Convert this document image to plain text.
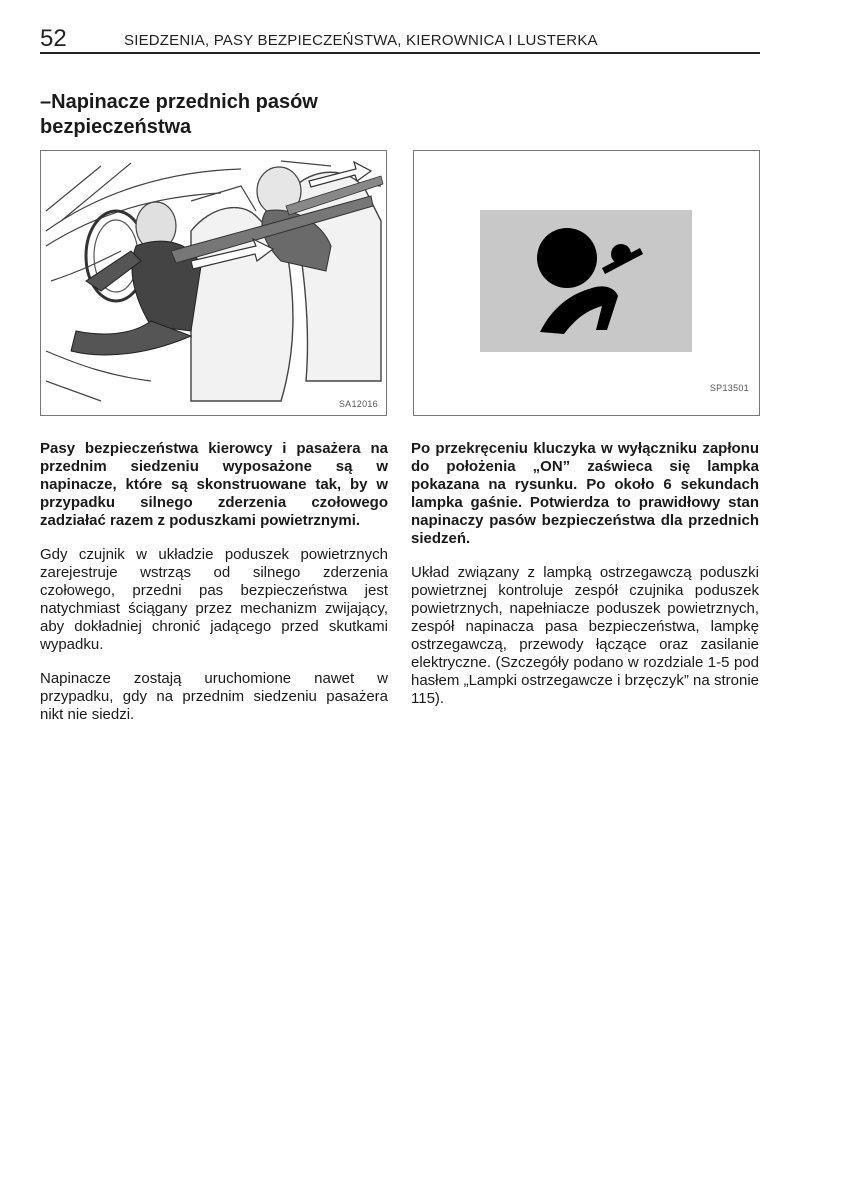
52	SIEDZENIA, PASY BEZPIECZEŃSTWA, KIEROWNICA I LUSTERKA
–Napinacze przednich pasów
bezpieczeństwa
SA12016
SP13501

Pasy bezpieczeństwa kierowcy i pasażera na przednim siedzeniu wyposażone są w napinacze, które są skonstruowane tak, by w przypadku silnego zderzenia czołowego zadziałać razem z poduszkami powietrznymi.

Gdy czujnik w układzie poduszek powietrznych zarejestruje wstrząs od silnego zderzenia czołowego, przedni pas bezpieczeństwa jest natychmiast ściągany przez mechanizm zwijający, aby dokładniej chronić jadącego przed skutkami wypadku.

Napinacze zostają uruchomione nawet w przypadku, gdy na przednim siedzeniu pasażera nikt nie siedzi.

Po przekręceniu kluczyka w wyłączniku zapłonu do położenia „ON” zaświeca się lampka pokazana na rysunku. Po około 6 sekundach lampka gaśnie. Potwierdza to prawidłowy stan napinaczy pasów bezpieczeństwa dla przednich siedzeń.

Układ związany z lampką ostrzegawczą poduszki powietrznej kontroluje zespół czujnika poduszek powietrznych, napełniacze poduszek powietrznych, zespół napinacza pasa bezpieczeństwa, lampkę ostrzegawczą, przewody łączące oraz zasilanie elektryczne. (Szczegóły podano w rozdziale 1-5 pod hasłem „Lampki ostrzegawcze i brzęczyk” na stronie 115).
